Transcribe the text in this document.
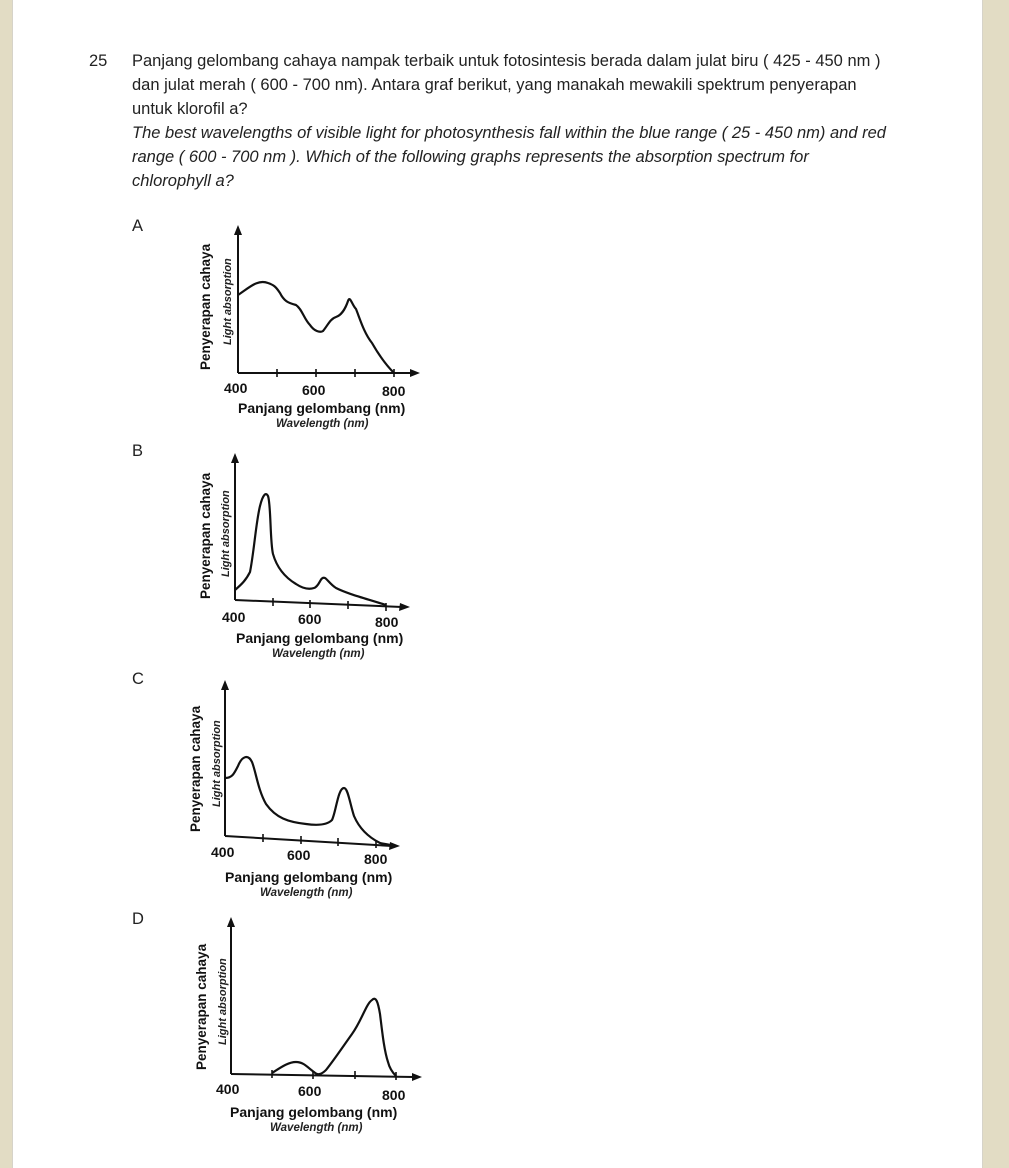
25 Panjang gelombang cahaya nampak terbaik untuk fotosintesis berada dalam julat biru ( 425 - 450 nm ) dan julat merah ( 600 - 700 nm). Antara graf berikut, yang manakah mewakili spektrum penyerapan untuk klorofil a?
The best wavelengths of visible light for photosynthesis fall within the blue range ( 25 - 450 nm) and red range ( 600 - 700 nm ). Which of the following graphs represents the absorption spectrum for chlorophyll a?
A
Penyerapan cahaya Light absorption
400	600	800
Panjang gelombang (nm)
Wavelength (nm)
B
Penyerapan cahaya Light absorption
400	600	800
Panjang gelombang (nm)
Wavelength (nm)
C
Penyerapan cahaya Light absorption
400	600	800
Panjang gelombang (nm)
Wavelength (nm)
D
Penyerapan cahaya Light absorption
400	600	800
Panjang gelombang (nm)
Wavelength (nm)
